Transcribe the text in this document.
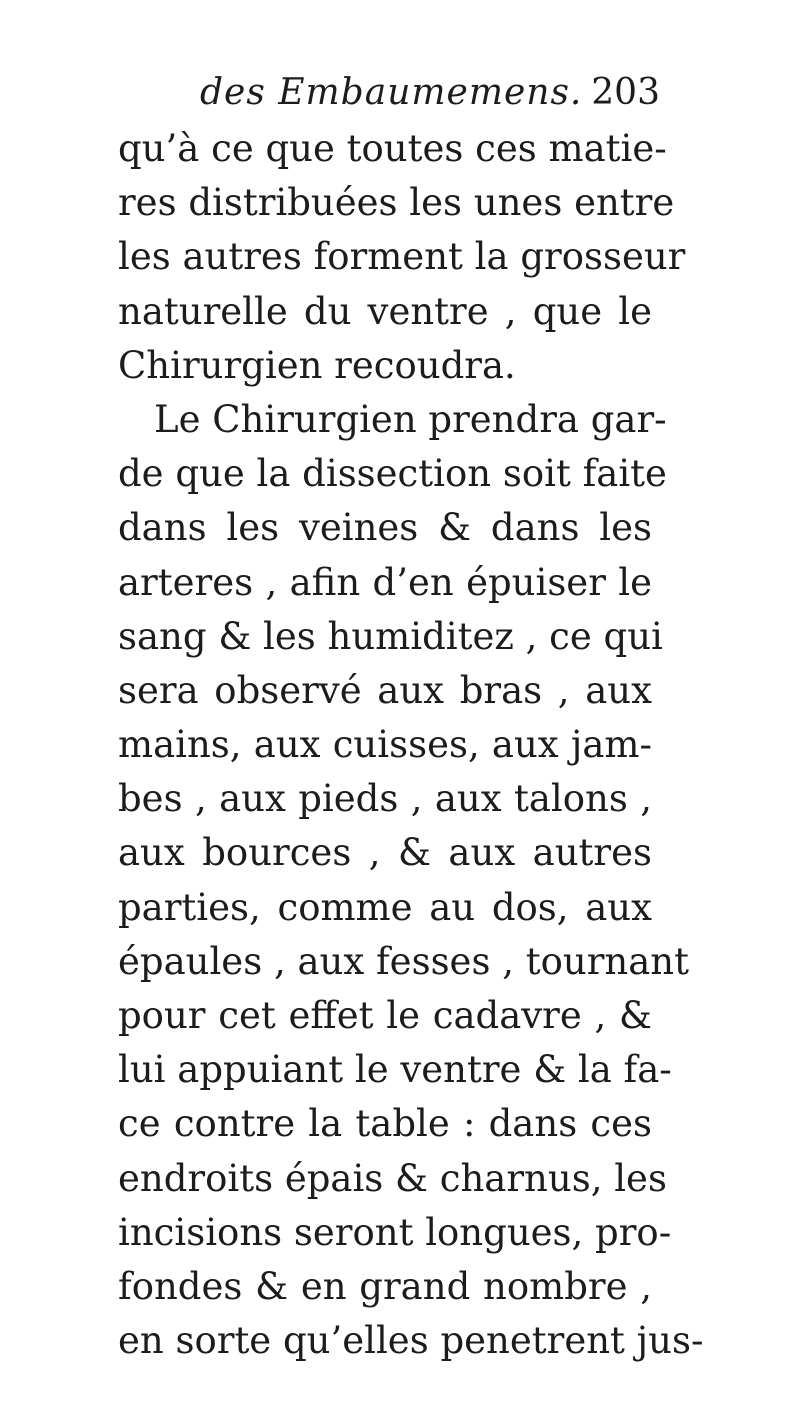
des Embaumemens. 203
qu’à ce que toutes ces matie-
res distribuées les unes entre
les autres forment la grosseur
naturelle du ventre , que le
Chirurgien recoudra.
Le Chirurgien prendra gar-
de que la dissection soit faite
dans les veines & dans les
arteres , afin d’en épuiser le
sang & les humiditez , ce qui
sera observé aux bras , aux
mains, aux cuisses, aux jam-
bes , aux pieds , aux talons ,
aux bources , & aux autres
parties, comme au dos, aux
épaules , aux fesses , tournant
pour cet effet le cadavre , &
lui appuiant le ventre & la fa-
ce contre la table : dans ces
endroits épais & charnus, les
incisions seront longues, pro-
fondes & en grand nombre ,
en sorte qu’elles penetrent jus-
